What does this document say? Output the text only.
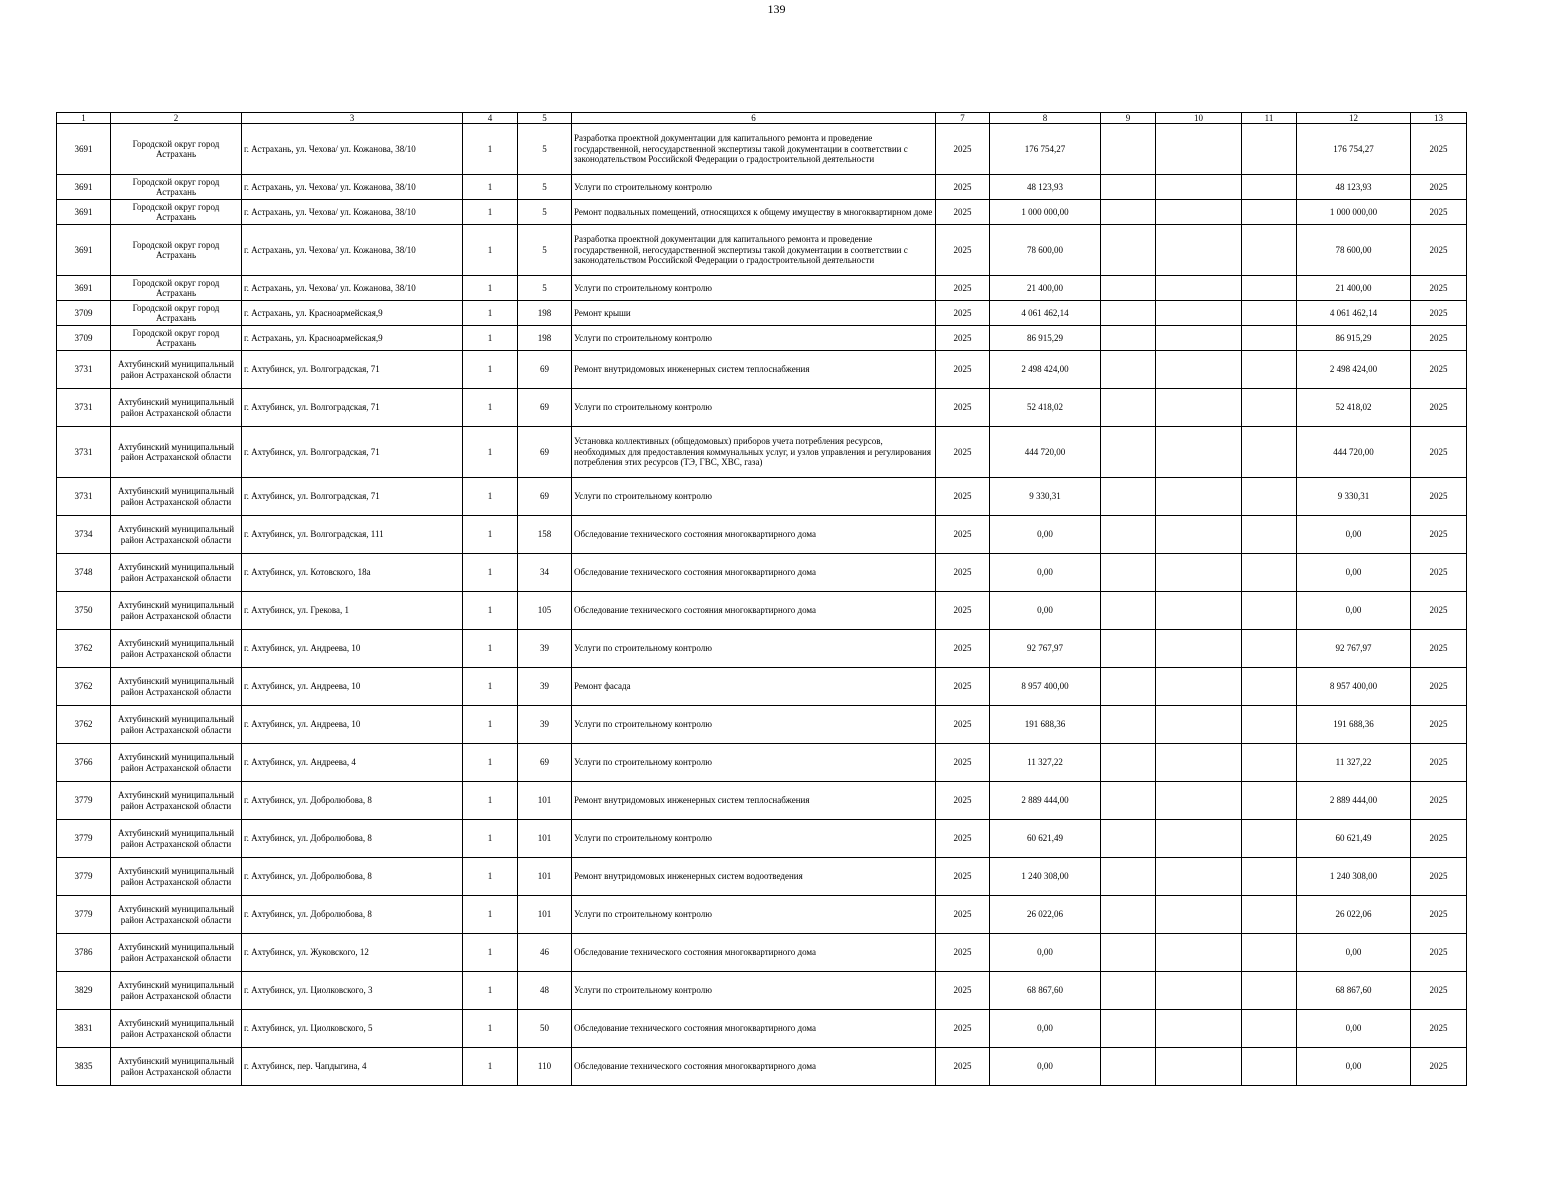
139
1	2	3	4	5	6	7	8	9	10	11	12	13
3691	Городской округ город Астрахань	г. Астрахань, ул. Чехова/ ул. Кожанова, 38/10	1	5	Разработка проектной документации для капитального ремонта и проведение государственной, негосударственной экспертизы такой документации в соответствии с законодательством Российской Федерации о градостроительной деятельности	2025	176 754,27				176 754,27	2025
3691	Городской округ город Астрахань	г. Астрахань, ул. Чехова/ ул. Кожанова, 38/10	1	5	Услуги по строительному контролю	2025	48 123,93				48 123,93	2025
3691	Городской округ город Астрахань	г. Астрахань, ул. Чехова/ ул. Кожанова, 38/10	1	5	Ремонт подвальных помещений, относящихся к общему имуществу в многоквартирном доме	2025	1 000 000,00				1 000 000,00	2025
3691	Городской округ город Астрахань	г. Астрахань, ул. Чехова/ ул. Кожанова, 38/10	1	5	Разработка проектной документации для капитального ремонта и проведение государственной, негосударственной экспертизы такой документации в соответствии с законодательством Российской Федерации о градостроительной деятельности	2025	78 600,00				78 600,00	2025
3691	Городской округ город Астрахань	г. Астрахань, ул. Чехова/ ул. Кожанова, 38/10	1	5	Услуги по строительному контролю	2025	21 400,00				21 400,00	2025
3709	Городской округ город Астрахань	г. Астрахань, ул. Красноармейская,9	1	198	Ремонт крыши	2025	4 061 462,14				4 061 462,14	2025
3709	Городской округ город Астрахань	г. Астрахань, ул. Красноармейская,9	1	198	Услуги по строительному контролю	2025	86 915,29				86 915,29	2025
3731	Ахтубинский муниципальный район Астраханской области	г. Ахтубинск, ул. Волгоградская, 71	1	69	Ремонт внутридомовых инженерных систем теплоснабжения	2025	2 498 424,00				2 498 424,00	2025
3731	Ахтубинский муниципальный район Астраханской области	г. Ахтубинск, ул. Волгоградская, 71	1	69	Услуги по строительному контролю	2025	52 418,02				52 418,02	2025
3731	Ахтубинский муниципальный район Астраханской области	г. Ахтубинск, ул. Волгоградская, 71	1	69	Установка коллективных (общедомовых) приборов учета потребления ресурсов, необходимых для предоставления коммунальных услуг, и узлов управления и регулирования потребления этих ресурсов (ТЭ, ГВС, ХВС, газа)	2025	444 720,00				444 720,00	2025
3731	Ахтубинский муниципальный район Астраханской области	г. Ахтубинск, ул. Волгоградская, 71	1	69	Услуги по строительному контролю	2025	9 330,31				9 330,31	2025
3734	Ахтубинский муниципальный район Астраханской области	г. Ахтубинск, ул. Волгоградская, 111	1	158	Обследование технического состояния многоквартирного дома	2025	0,00				0,00	2025
3748	Ахтубинский муниципальный район Астраханской области	г. Ахтубинск, ул. Котовского, 18а	1	34	Обследование технического состояния многоквартирного дома	2025	0,00				0,00	2025
3750	Ахтубинский муниципальный район Астраханской области	г. Ахтубинск, ул. Грекова, 1	1	105	Обследование технического состояния многоквартирного дома	2025	0,00				0,00	2025
3762	Ахтубинский муниципальный район Астраханской области	г. Ахтубинск, ул. Андреева, 10	1	39	Услуги по строительному контролю	2025	92 767,97				92 767,97	2025
3762	Ахтубинский муниципальный район Астраханской области	г. Ахтубинск, ул. Андреева, 10	1	39	Ремонт фасада	2025	8 957 400,00				8 957 400,00	2025
3762	Ахтубинский муниципальный район Астраханской области	г. Ахтубинск, ул. Андреева, 10	1	39	Услуги по строительному контролю	2025	191 688,36				191 688,36	2025
3766	Ахтубинский муниципальный район Астраханской области	г. Ахтубинск, ул. Андреева, 4	1	69	Услуги по строительному контролю	2025	11 327,22				11 327,22	2025
3779	Ахтубинский муниципальный район Астраханской области	г. Ахтубинск, ул. Добролюбова, 8	1	101	Ремонт внутридомовых инженерных систем теплоснабжения	2025	2 889 444,00				2 889 444,00	2025
3779	Ахтубинский муниципальный район Астраханской области	г. Ахтубинск, ул. Добролюбова, 8	1	101	Услуги по строительному контролю	2025	60 621,49				60 621,49	2025
3779	Ахтубинский муниципальный район Астраханской области	г. Ахтубинск, ул. Добролюбова, 8	1	101	Ремонт внутридомовых инженерных систем водоотведения	2025	1 240 308,00				1 240 308,00	2025
3779	Ахтубинский муниципальный район Астраханской области	г. Ахтубинск, ул. Добролюбова, 8	1	101	Услуги по строительному контролю	2025	26 022,06				26 022,06	2025
3786	Ахтубинский муниципальный район Астраханской области	г. Ахтубинск, ул. Жуковского, 12	1	46	Обследование технического состояния многоквартирного дома	2025	0,00				0,00	2025
3829	Ахтубинский муниципальный район Астраханской области	г. Ахтубинск, ул. Циолковского, 3	1	48	Услуги по строительному контролю	2025	68 867,60				68 867,60	2025
3831	Ахтубинский муниципальный район Астраханской области	г. Ахтубинск, ул. Циолковского, 5	1	50	Обследование технического состояния многоквартирного дома	2025	0,00				0,00	2025
3835	Ахтубинский муниципальный район Астраханской области	г. Ахтубинск, пер. Чапдыгина, 4	1	110	Обследование технического состояния многоквартирного дома	2025	0,00				0,00	2025
